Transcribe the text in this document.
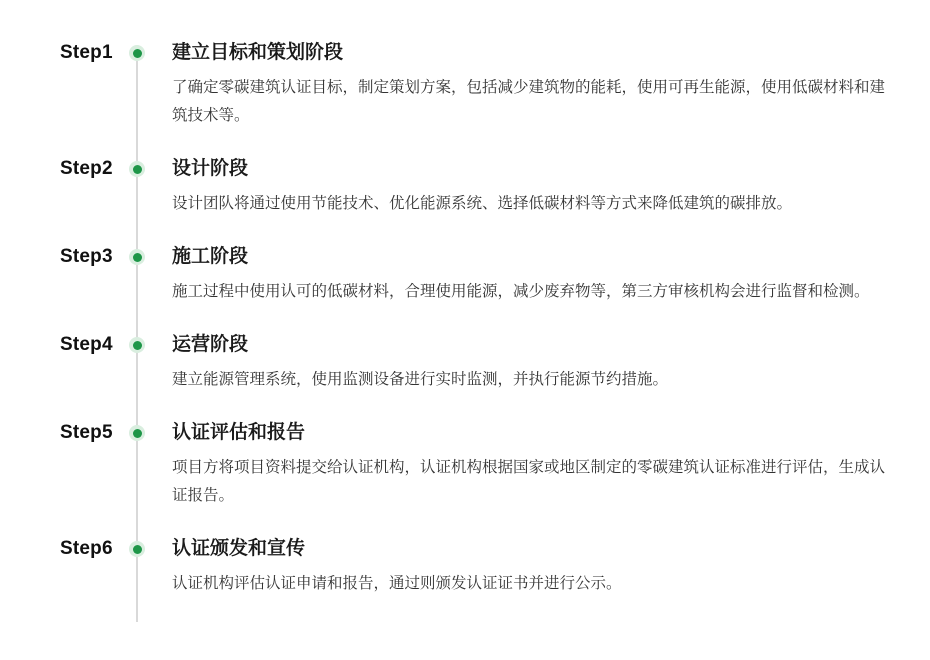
Step1	建立目标和策划阶段

了确定零碳建筑认证目标，制定策划方案，包括减少建筑物的能耗，使用可再生能源，使用低碳材料和建筑技术等。

Step2	设计阶段

设计团队将通过使用节能技术、优化能源系统、选择低碳材料等方式来降低建筑的碳排放。

Step3	施工阶段

施工过程中使用认可的低碳材料，合理使用能源，减少废弃物等，第三方审核机构会进行监督和检测。

Step4	运营阶段

建立能源管理系统，使用监测设备进行实时监测，并执行能源节约措施。

Step5	认证评估和报告

项目方将项目资料提交给认证机构，认证机构根据国家或地区制定的零碳建筑认证标准进行评估，生成认证报告。

Step6	认证颁发和宣传

认证机构评估认证申请和报告，通过则颁发认证证书并进行公示。
